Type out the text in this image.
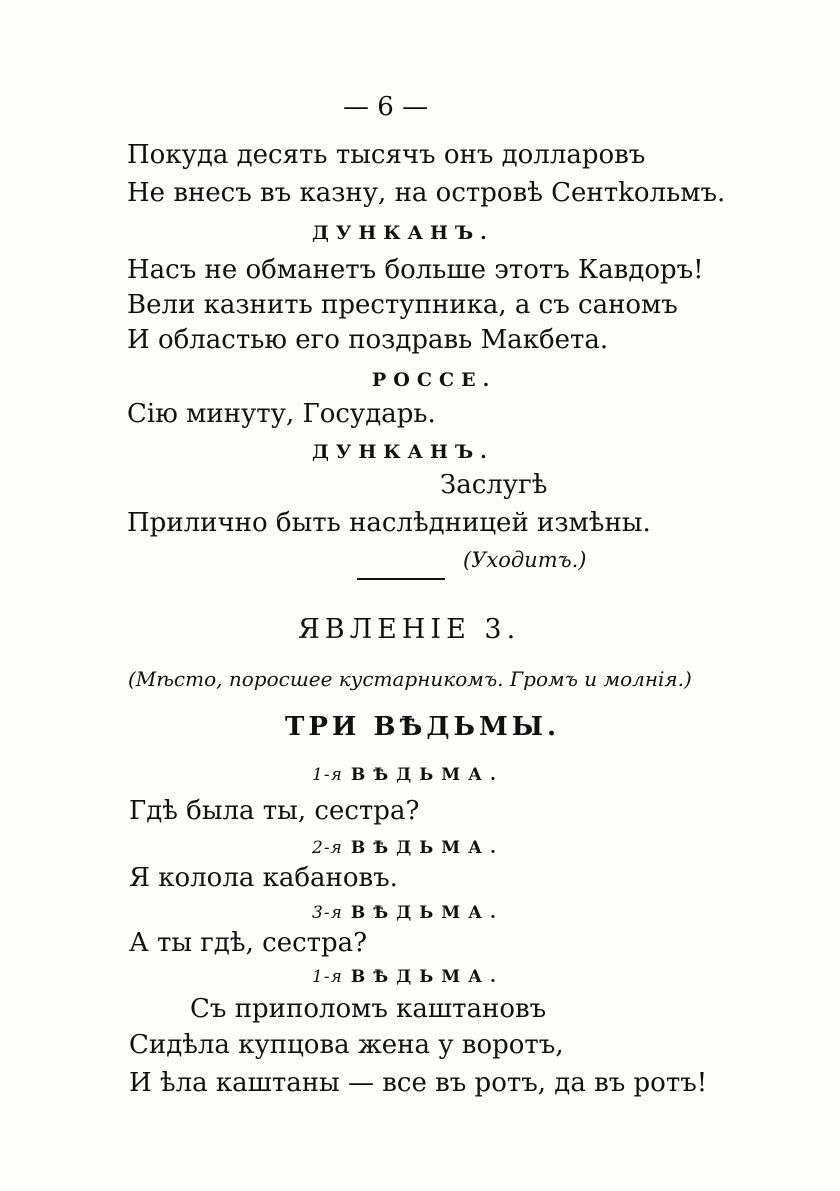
— 6 —
Покуда десять тысячъ онъ долларовъ
Не внесъ въ казну, на островѣ Сентkольмъ.
ДУНКАНЪ.
Насъ не обманетъ больше этотъ Кавдоръ!
Вели казнить преступника, а съ саномъ
И областью его поздравь Макбета.
РОССЕ.
Сiю минуту, Государь.
ДУНКАНЪ.
Заслугѣ
Прилично быть наслѣдницей измѣны.
(Уходитъ.)
ЯВЛЕНIЕ 3.
(Мѣсто, поросшее кустарникомъ. Громъ и молнiя.)
ТРИ ВѢДЬМЫ.
1-я ВѢДЬМА.
Гдѣ была ты, сестра?
2-я ВѢДЬМА.
Я колола кабановъ.
3-я ВѢДЬМА.
А ты гдѣ, сестра?
1-я ВѢДЬМА.
Съ приполомъ каштановъ
Сидѣла купцова жена у воротъ,
И ѣла каштаны — все въ ротъ, да въ ротъ!
